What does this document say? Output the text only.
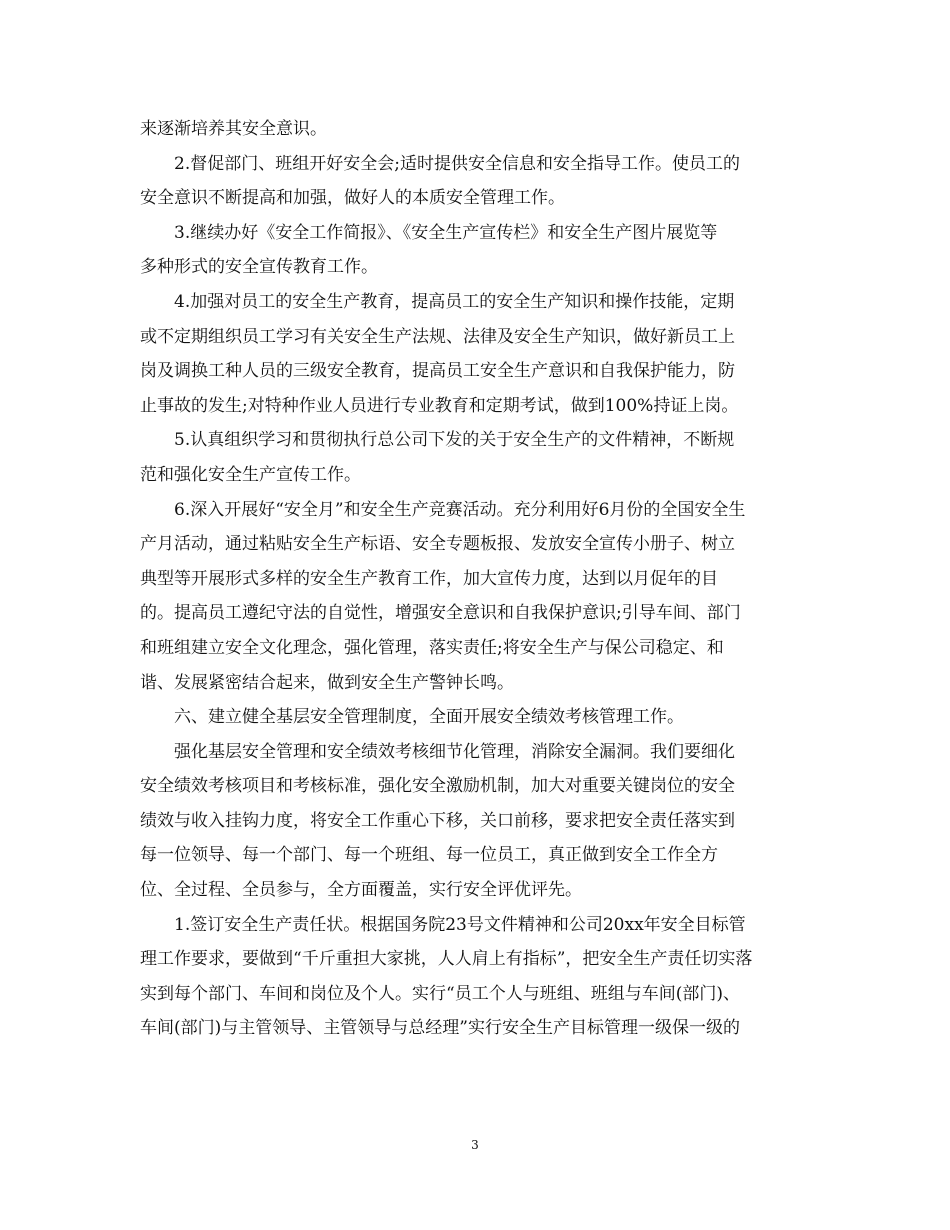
来逐渐培养其安全意识。
2.督促部门、班组开好安全会;适时提供安全信息和安全指导工作。使员工的
安全意识不断提高和加强，做好人的本质安全管理工作。
3.继续办好《安全工作简报》、《安全生产宣传栏》和安全生产图片展览等
多种形式的安全宣传教育工作。
4.加强对员工的安全生产教育，提高员工的安全生产知识和操作技能，定期
或不定期组织员工学习有关安全生产法规、法律及安全生产知识，做好新员工上
岗及调换工种人员的三级安全教育，提高员工安全生产意识和自我保护能力，防
止事故的发生;对特种作业人员进行专业教育和定期考试，做到100%持证上岗。
5.认真组织学习和贯彻执行总公司下发的关于安全生产的文件精神，不断规
范和强化安全生产宣传工作。
6.深入开展好“安全月”和安全生产竞赛活动。充分利用好6月份的全国安全生
产月活动，通过粘贴安全生产标语、安全专题板报、发放安全宣传小册子、树立
典型等开展形式多样的安全生产教育工作，加大宣传力度，达到以月促年的目
的。提高员工遵纪守法的自觉性，增强安全意识和自我保护意识;引导车间、部门
和班组建立安全文化理念，强化管理，落实责任;将安全生产与保公司稳定、和
谐、发展紧密结合起来，做到安全生产警钟长鸣。
六、建立健全基层安全管理制度，全面开展安全绩效考核管理工作。
强化基层安全管理和安全绩效考核细节化管理，消除安全漏洞。我们要细化
安全绩效考核项目和考核标准，强化安全激励机制，加大对重要关键岗位的安全
绩效与收入挂钩力度，将安全工作重心下移，关口前移，要求把安全责任落实到
每一位领导、每一个部门、每一个班组、每一位员工，真正做到安全工作全方
位、全过程、全员参与，全方面覆盖，实行安全评优评先。
1.签订安全生产责任状。根据国务院23号文件精神和公司20xx年安全目标管
理工作要求，要做到“千斤重担大家挑，人人肩上有指标”，把安全生产责任切实落
实到每个部门、车间和岗位及个人。实行“员工个人与班组、班组与车间(部门)、
车间(部门)与主管领导、主管领导与总经理”实行安全生产目标管理一级保一级的
3
